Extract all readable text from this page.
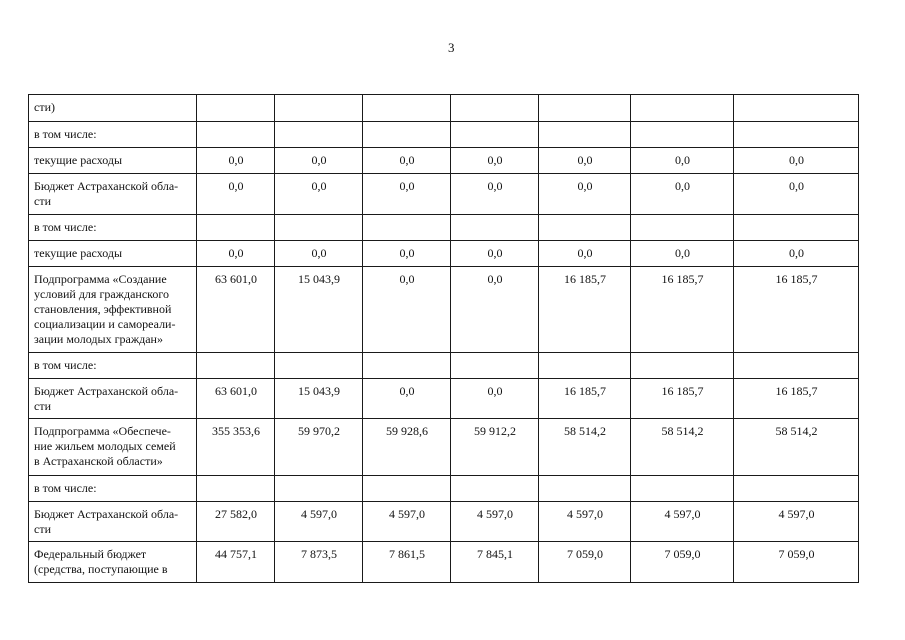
3
сти)							
в том числе:							
текущие расходы	0,0	0,0	0,0	0,0	0,0	0,0	0,0
Бюджет Астраханской обла-
сти	0,0	0,0	0,0	0,0	0,0	0,0	0,0
в том числе:							
текущие расходы	0,0	0,0	0,0	0,0	0,0	0,0	0,0
Подпрограмма «Создание
условий для гражданского
становления, эффективной
социализации и самореали-
зации молодых граждан»	63 601,0	15 043,9	0,0	0,0	16 185,7	16 185,7	16 185,7
в том числе:							
Бюджет Астраханской обла-
сти	63 601,0	15 043,9	0,0	0,0	16 185,7	16 185,7	16 185,7
Подпрограмма «Обеспече-
ние жильем молодых семей
в Астраханской области»	355 353,6	59 970,2	59 928,6	59 912,2	58 514,2	58 514,2	58 514,2
в том числе:							
Бюджет Астраханской обла-
сти	27 582,0	4 597,0	4 597,0	4 597,0	4 597,0	4 597,0	4 597,0
Федеральный бюджет
(средства, поступающие в	44 757,1	7 873,5	7 861,5	7 845,1	7 059,0	7 059,0	7 059,0
